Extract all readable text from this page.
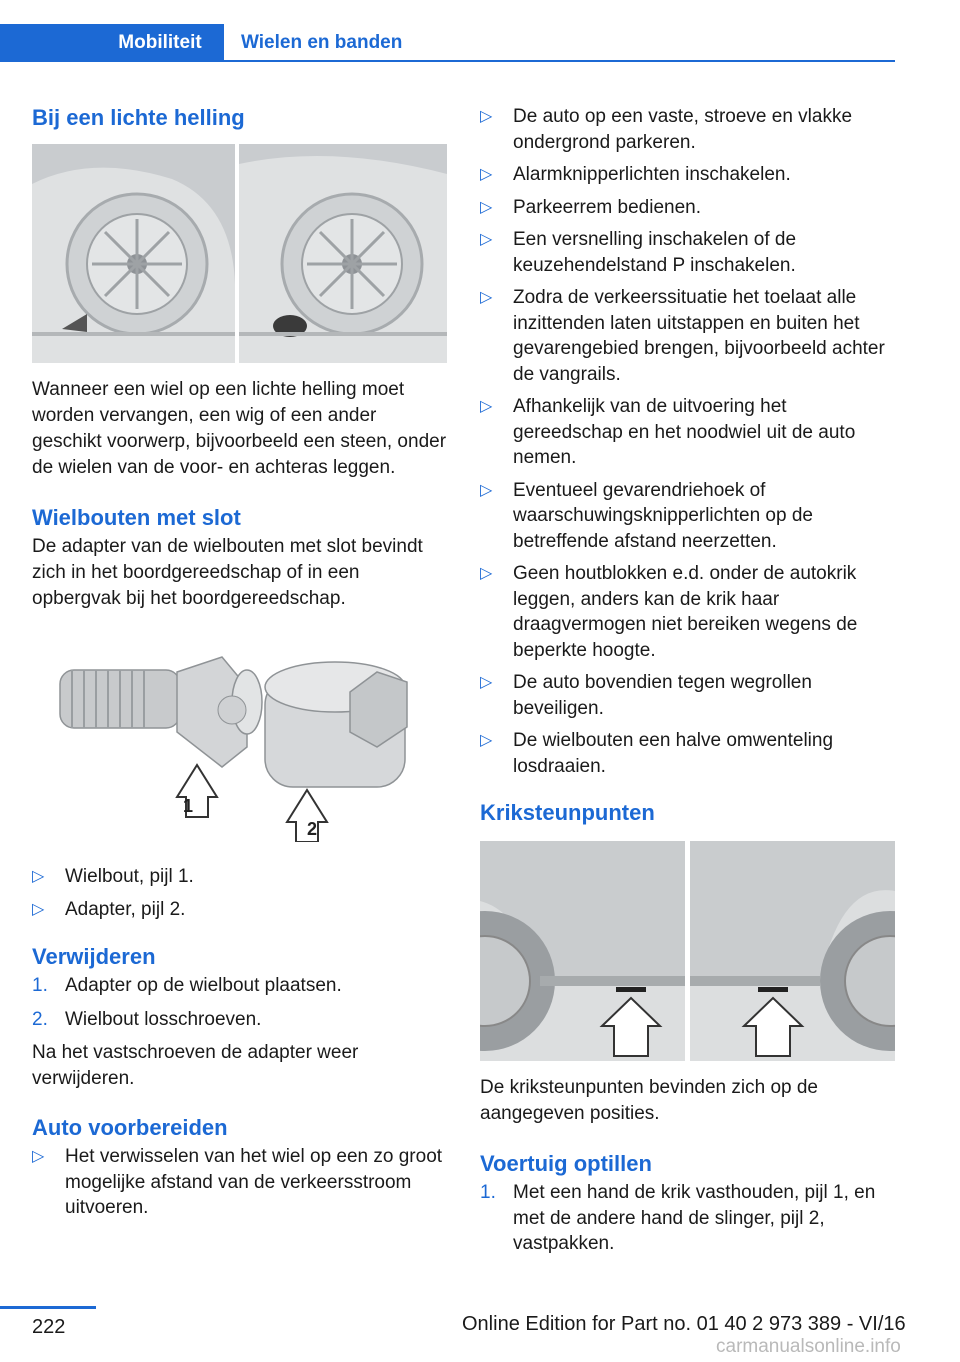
Mobiliteit	Wielen en banden
Bij een lichte helling

Wanneer een wiel op een lichte helling moet worden vervangen, een wig of een ander geschikt voorwerp, bijvoorbeeld een steen, onder de wielen van de voor- en achteras leggen.

Wielbouten met slot

De adapter van de wielbouten met slot bevindt zich in het boordgereedschap of in een opbergvak bij het boordgereedschap.

1
2
▷ Wielbout, pijl 1.
▷ Adapter, pijl 2.
Verwijderen
1. Adapter op de wielbout plaatsen.
2. Wielbout losschroeven.

Na het vastschroeven de adapter weer verwijderen.

Auto voorbereiden
▷ Het verwisselen van het wiel op een zo groot mogelijke afstand van de verkeersstroom uitvoeren.
▷ De auto op een vaste, stroeve en vlakke ondergrond parkeren.
▷ Alarmknipperlichten inschakelen.
▷ Parkeerrem bedienen.
▷ Een versnelling inschakelen of de keuzehendelstand P inschakelen.
▷ Zodra de verkeerssituatie het toelaat alle inzittenden laten uitstappen en buiten het gevarengebied brengen, bijvoorbeeld achter de vangrails.
▷ Afhankelijk van de uitvoering het gereedschap en het noodwiel uit de auto nemen.
▷ Eventueel gevarendriehoek of waarschuwingsknipperlichten op de betreffende afstand neerzetten.
▷ Geen houtblokken e.d. onder de autokrik leggen, anders kan de krik haar draagvermogen niet bereiken wegens de beperkte hoogte.
▷ De auto bovendien tegen wegrollen beveiligen.
▷ De wielbouten een halve omwenteling losdraaien.
Kriksteunpunten

De kriksteunpunten bevinden zich op de aangegeven posities.

Voertuig optillen
1. Met een hand de krik vasthouden, pijl 1, en met de andere hand de slinger, pijl 2, vastpakken.
222	Online Edition for Part no. 01 40 2 973 389 - VI/16
carmanualsonline.info
